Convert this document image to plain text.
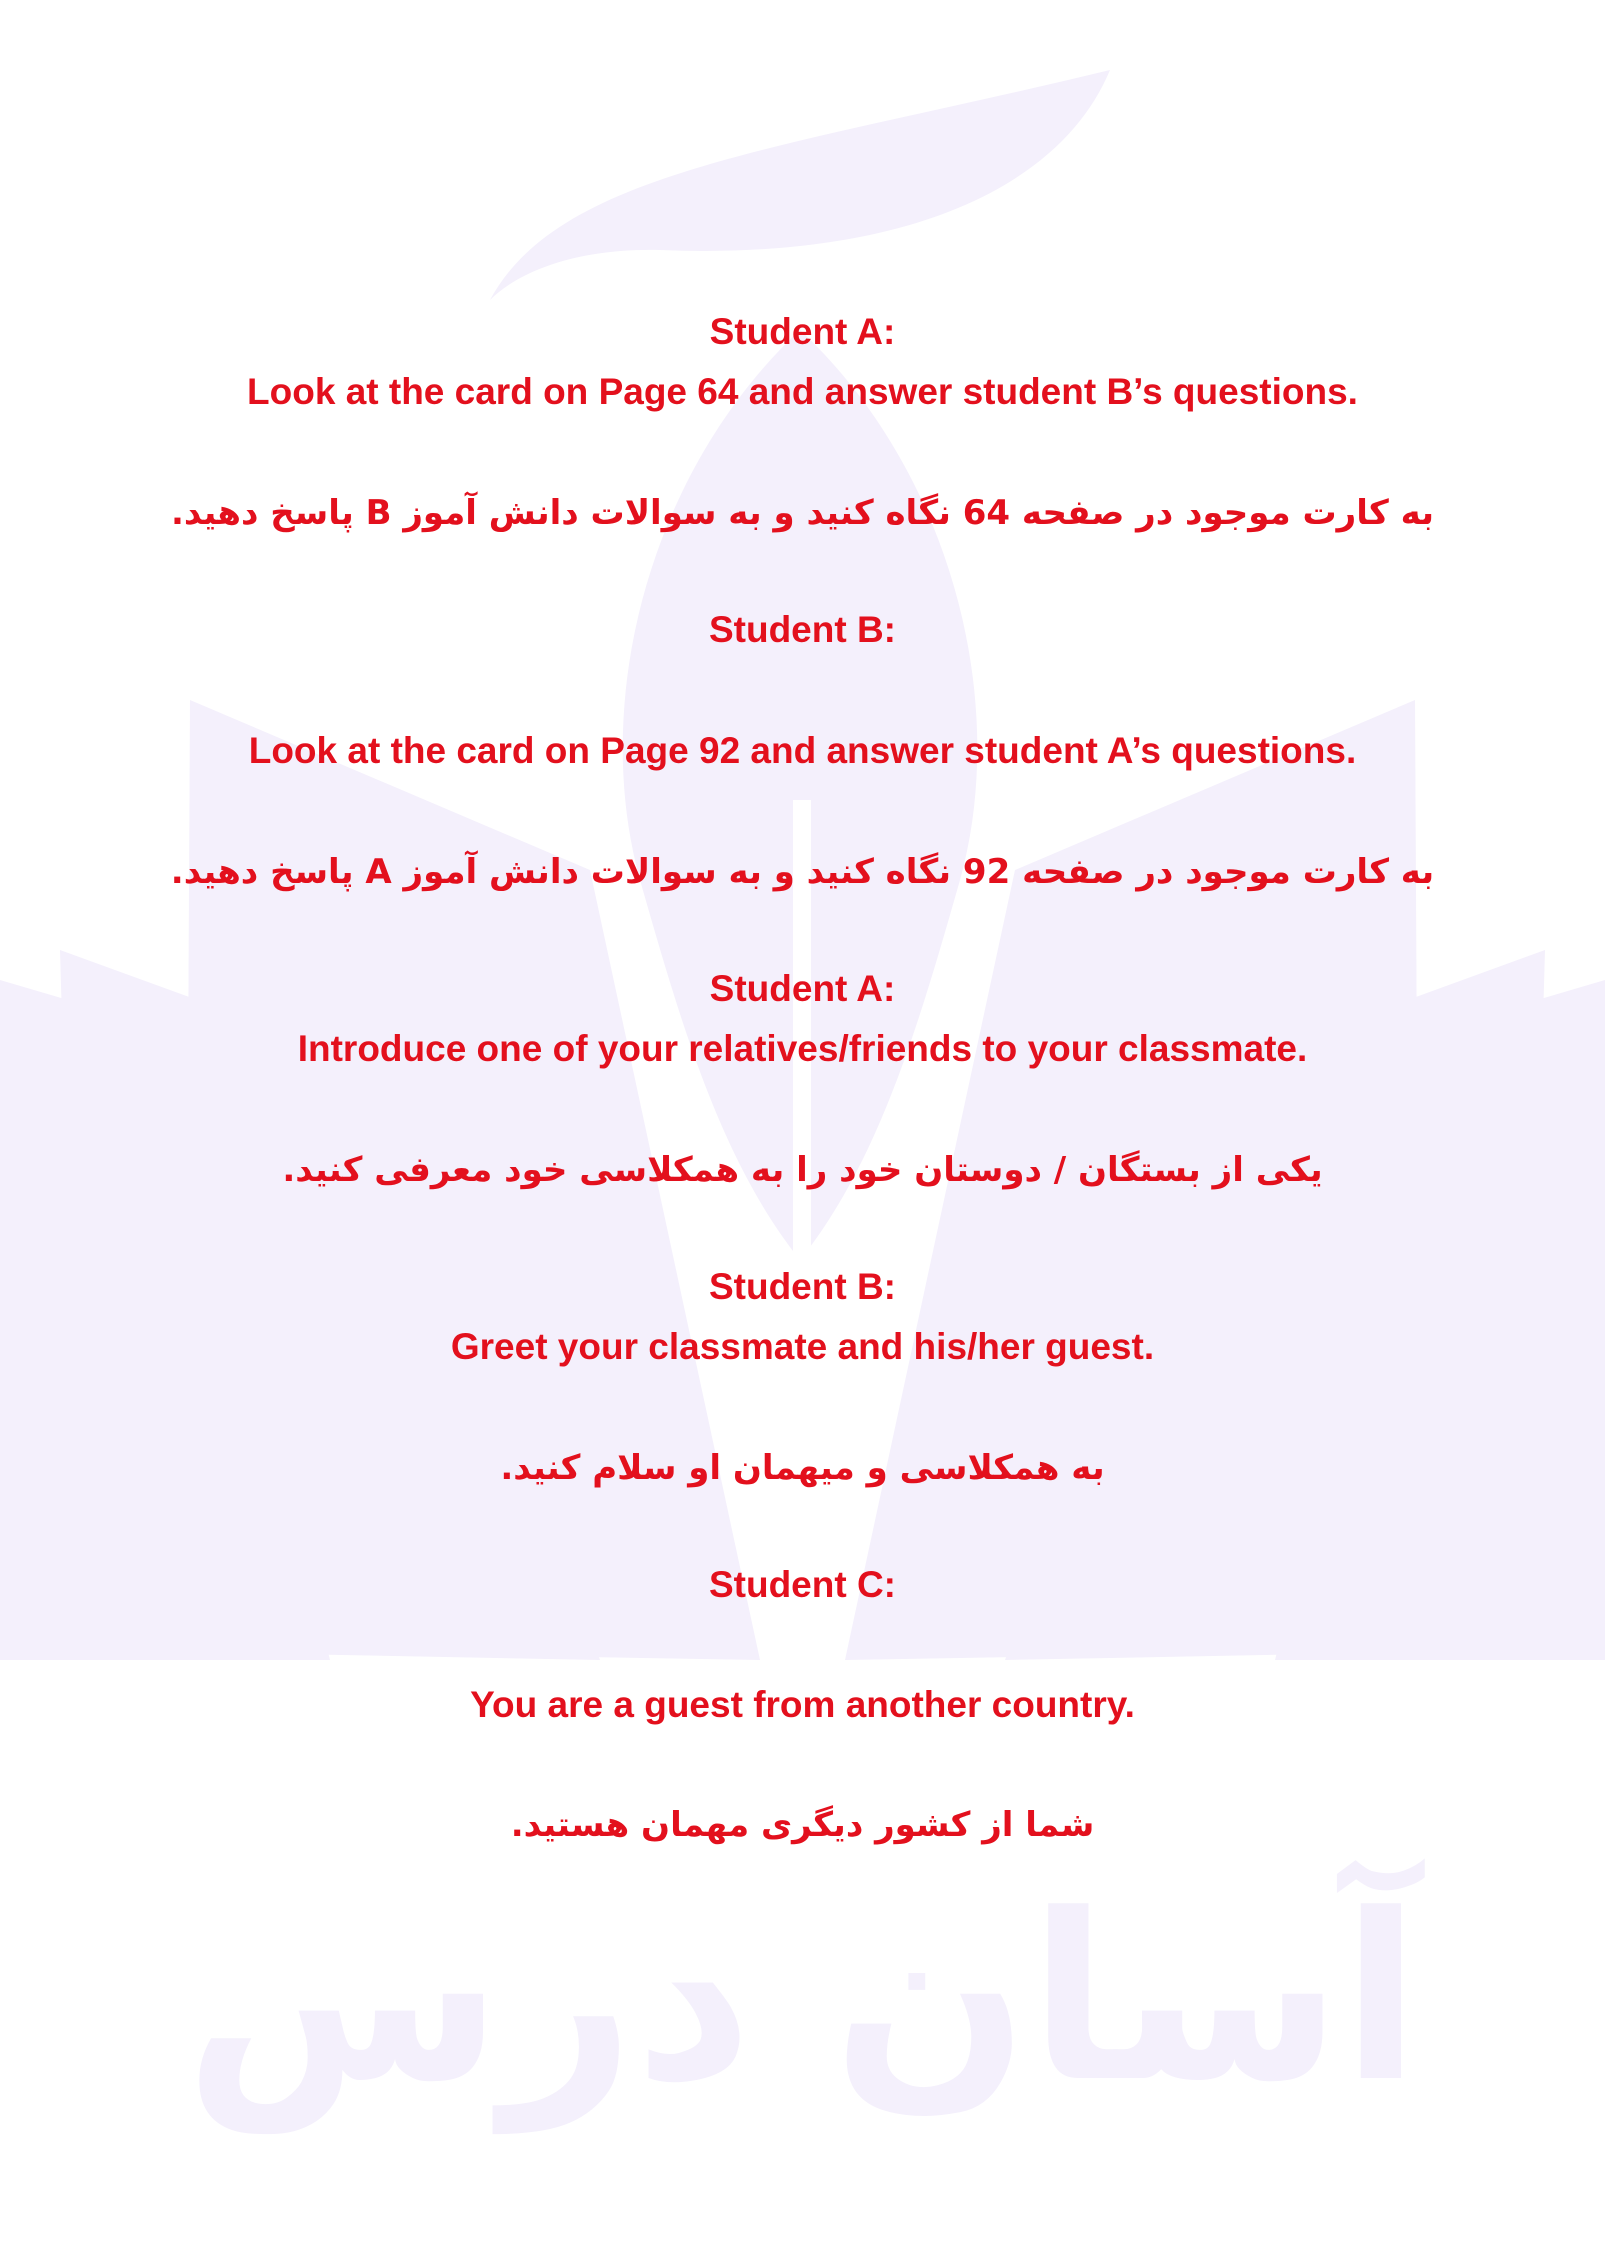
آسان درس
Student A:
Look at the card on Page 64 and answer student B’s questions.
به کارت موجود در صفحه 64 نگاه کنید و به سوالات دانش آموز B پاسخ دهید.
Student B:
Look at the card on Page 92 and answer student A’s questions.
به کارت موجود در صفحه 92 نگاه کنید و به سوالات دانش آموز A پاسخ دهید.
Student A:
Introduce one of your relatives/friends to your classmate.
یکی از بستگان / دوستان خود را به همکلاسی خود معرفی کنید.
Student B:
Greet your classmate and his/her guest.
به همکلاسی و میهمان او سلام کنید.
Student C:
You are a guest from another country.
شما از کشور دیگری مهمان هستید.
